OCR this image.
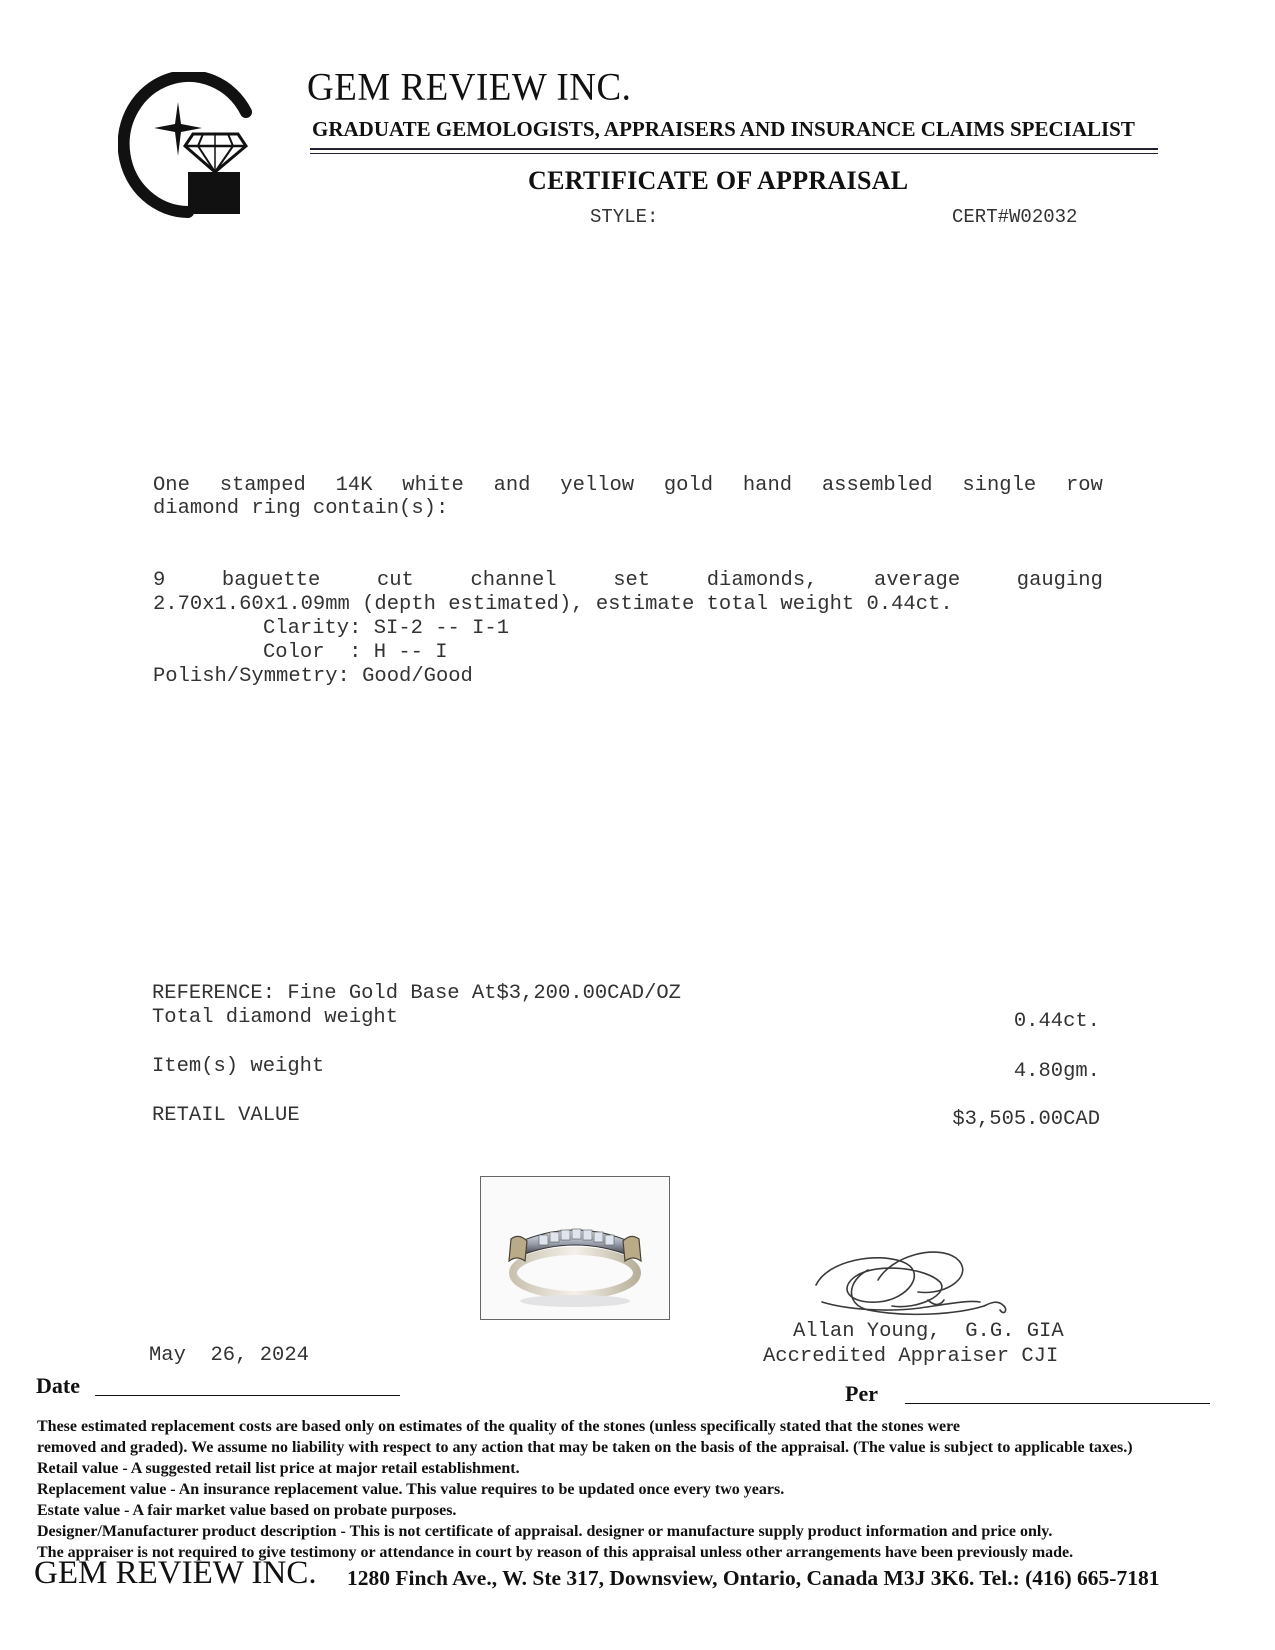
GEM REVIEW INC.
GRADUATE GEMOLOGISTS, APPRAISERS AND INSURANCE CLAIMS SPECIALIST
CERTIFICATE OF APPRAISAL
STYLE:	CERT#W02032
One stamped 14K white and yellow gold hand assembled single row
diamond ring contain(s):
9	baguette	cut	channel	set	diamonds,	average	gauging
2.70x1.60x1.09mm (depth estimated), estimate total weight 0.44ct.
Clarity: SI-2 -- I-1
Color  : H -- I
Polish/Symmetry: Good/Good
REFERENCE: Fine Gold Base At$3,200.00CAD/OZ
Total diamond weight	0.44ct.
Item(s) weight	4.80gm.
RETAIL VALUE	$3,505.00CAD
Allan Young,  G.G. GIA
Accredited Appraiser CJI
May  26, 2024
Date	Per
These estimated replacement costs are based only on estimates of the quality of the stones (unless specifically stated that the stones were
removed and graded). We assume no liability with respect to any action that may be taken on the basis of the appraisal. (The value is subject to applicable taxes.)
Retail value - A suggested retail list price at major retail establishment.
Replacement value - An insurance replacement value. This value requires to be updated once every two years.
Estate value - A fair market value based on probate purposes.
Designer/Manufacturer product description - This is not certificate of appraisal. designer or manufacture supply product information and price only.
The appraiser is not required to give testimony or attendance in court by reason of this appraisal unless other arrangements have been previously made.
GEM REVIEW INC. 1280 Finch Ave., W. Ste 317, Downsview, Ontario, Canada M3J 3K6. Tel.: (416) 665-7181
